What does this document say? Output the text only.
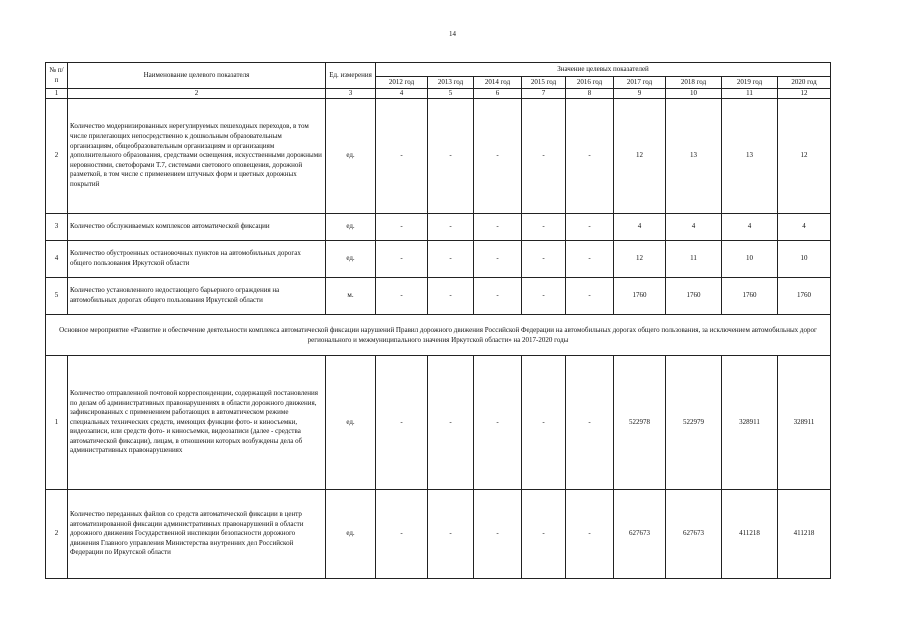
14
№ п/п	Наименование целевого показателя	Ед. измерения	Значение целевых показателей								
			2012 год	2013 год	2014 год	2015 год	2016 год	2017 год	2018 год	2019 год	2020 год
1	2	3	4	5	6	7	8	9	10	11	12
2	Количество модернизированных нерегулируемых пешеходных переходов, в том числе прилегающих непосредственно к дошкольным образовательным организациям, общеобразовательным организациям и организациям дополнительного образования, средствами освещения, искусственными дорожными неровностями, светофорами Т.7, системами светового оповещения, дорожной разметкой, в том числе с применением штучных форм и цветных дорожных покрытий	ед.	-	-	-	-	-	12	13	13	12
3	Количество обслуживаемых комплексов автоматической фиксации	ед.	-	-	-	-	-	4	4	4	4
4	Количество обустроенных остановочных пунктов на автомобильных дорогах общего пользования Иркутской области	ед.	-	-	-	-	-	12	11	10	10
5	Количество установленного недостающего барьерного ограждения на автомобильных дорогах общего пользования Иркутской области	м.	-	-	-	-	-	1760	1760	1760	1760
Основное мероприятие «Развитие и обеспечение деятельности комплекса автоматической фиксации нарушений Правил дорожного движения Российской Федерации на автомобильных дорогах общего пользования, за исключением автомобильных дорог регионального и межмуниципального значения Иркутской области» на 2017-2020 годы											
1	Количество отправленной почтовой корреспонденции, содержащей постановления по делам об административных правонарушениях в области дорожного движения, зафиксированных с применением работающих в автоматическом режиме специальных технических средств, имеющих функции фото- и киносъемки, видеозаписи, или средств фото- и киносъемки, видеозаписи (далее - средства автоматической фиксации), лицам, в отношении которых возбуждены дела об административных правонарушениях	ед.	-	-	-	-	-	522978	522979	328911	328911
2	Количество переданных файлов со средств автоматической фиксации в центр автоматизированной фиксации административных правонарушений в области дорожного движения Государственной инспекции безопасности дорожного движения Главного управления Министерства внутренних дел Российской Федерации по Иркутской области	ед.	-	-	-	-	-	627673	627673	411218	411218
